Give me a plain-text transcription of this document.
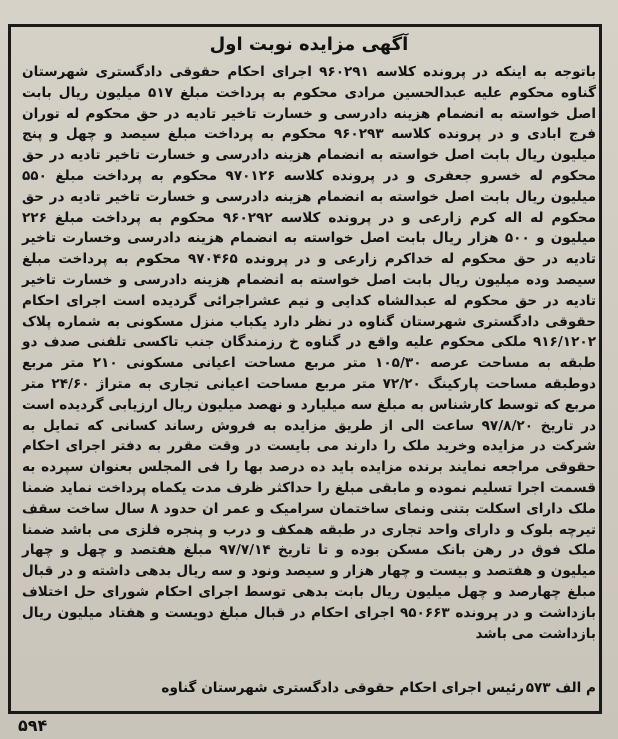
آگهی مزایده نوبت اول
باتوجه به اینکه در پرونده کلاسه ۹۶۰۲۹۱ اجرای احکام حقوقی دادگستری شهرستان گناوه محکوم علیه عبدالحسین مرادی محکوم به پرداخت مبلغ ۵۱۷ میلیون ریال بابت اصل خواسته به انضمام هزینه دادرسی و خسارت تاخیر تادیه در حق محکوم له توران فرج ابادی و در پرونده کلاسه ۹۶۰۲۹۳ محکوم به پرداخت مبلغ سیصد و چهل و پنج میلیون ریال بابت اصل خواسته به انضمام هزینه دادرسی و خسارت تاخیر تادیه در حق محکوم له خسرو جعفری و در پرونده کلاسه ۹۷۰۱۲۶ محکوم به پرداخت مبلغ ۵۵۰ میلیون ریال بابت اصل خواسته به انضمام هزینه دادرسی و خسارت تاخیر تادیه در حق محکوم له اله کرم زارعی و در پرونده کلاسه ۹۶۰۲۹۲ محکوم به پرداخت مبلغ ۲۲۶ میلیون و ۵۰۰ هزار ریال بابت اصل خواسته به انضمام هزینه دادرسی وخسارت تاخیر تادیه در حق محکوم له خداکرم زارعی و در پرونده ۹۷۰۴۶۵ محکوم به پرداخت مبلغ سیصد وده میلیون ریال بابت اصل خواسته به انضمام هزینه دادرسی و خسارت تاخیر تادیه در حق محکوم له عبدالشاه کدایی و نیم عشراجرائی گردیده است اجرای احکام حقوقی دادگستری شهرستان گناوه در نظر دارد یکباب منزل مسکونی به شماره پلاک ۹۱۶/۱۲۰۲ ملکی محکوم علیه واقع در گناوه خ رزمندگان جنب تاکسی تلفنی صدف دو طبقه به مساحت عرصه ۱۰۵/۳۰ متر مربع مساحت اعیانی مسکونی ۲۱۰ متر مربع دوطبقه مساحت پارکینگ ۷۲/۲۰ متر مربع مساحت اعیانی تجاری به متراژ ۲۴/۶۰ متر مربع که توسط کارشناس به مبلغ سه میلیارد و نهصد میلیون ریال ارزیابی گردیده است در تاریخ ۹۷/۸/۲۰ ساعت الی از طریق مزایده به فروش رساند کسانی که تمایل به شرکت در مزایده وخرید ملک را دارند می بایست در وقت مقرر به دفتر اجرای احکام حقوقی مراجعه نمایند برنده مزایده باید ده درصد بها را فی المجلس بعنوان سپرده به قسمت اجرا تسلیم نموده و مابقی مبلغ را حداکثر ظرف مدت یکماه پرداخت نماید ضمنا ملک دارای اسکلت بتنی ونمای ساختمان سرامیک و عمر ان حدود ۸ سال ساخت سقف تیرچه بلوک و دارای واحد تجاری در طبقه همکف و درب و پنجره فلزی می باشد ضمنا ملک فوق در رهن بانک مسکن بوده و تا تاریخ ۹۷/۷/۱۴ مبلغ هفتصد و چهل و چهار میلیون و هفتصد و بیست و چهار هزار و سیصد ونود و سه ریال بدهی داشته و در قبال مبلغ چهارصد و چهل میلیون ریال بابت بدهی توسط اجرای احکام شورای حل اختلاف بازداشت و در پرونده ۹۵۰۶۶۳ اجرای احکام در قبال مبلغ دویست و هفتاد میلیون ریال بازداشت می باشد
م الف ۵۷۳
رئیس اجرای احکام حقوقی دادگستری شهرستان گناوه
۵۹۴
